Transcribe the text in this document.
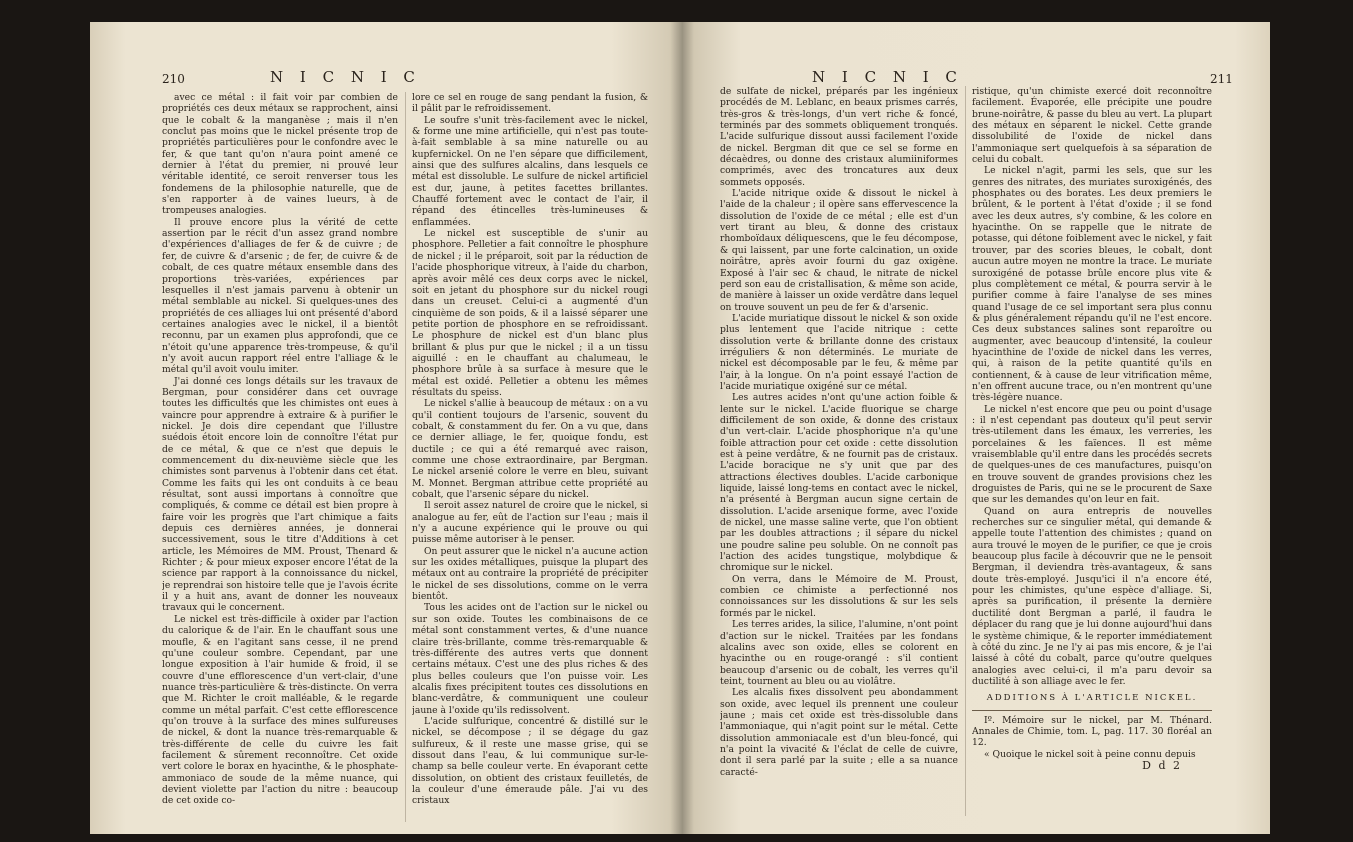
210	N I C N I C

avec ce métal : il fait voir par combien de propriétés ces deux métaux se rapprochent, ainsi que le cobalt & la manganèse ; mais il n'en conclut pas moins que le nickel présente trop de propriétés particulières pour le confondre avec le fer, & que tant qu'on n'aura point amené ce dernier à l'état du premier, ni prouvé leur véritable identité, ce seroit renverser tous les fondemens de la philosophie naturelle, que de s'en rapporter à de vaines lueurs, à de trompeuses analogies.

Il prouve encore plus la vérité de cette assertion par le récit d'un assez grand nombre d'expériences d'alliages de fer & de cuivre ; de fer, de cuivre & d'arsenic ; de fer, de cuivre & de cobalt, de ces quatre métaux ensemble dans des proportions très-variées, expériences par lesquelles il n'est jamais parvenu à obtenir un métal semblable au nickel. Si quelques-unes des propriétés de ces alliages lui ont présenté d'abord certaines analogies avec le nickel, il a bientôt reconnu, par un examen plus approfondi, que ce n'étoit qu'une apparence très-trompeuse, & qu'il n'y avoit aucun rapport réel entre l'alliage & le métal qu'il avoit voulu imiter.

J'ai donné ces longs détails sur les travaux de Bergman, pour considérer dans cet ouvrage toutes les difficultés que les chimistes ont eues à vaincre pour apprendre à extraire & à purifier le nickel. Je dois dire cependant que l'illustre suédois étoit encore loin de connoître l'état pur de ce métal, & que ce n'est que depuis le commencement du dix-neuvième siècle que les chimistes sont parvenus à l'obtenir dans cet état. Comme les faits qui les ont conduits à ce beau résultat, sont aussi importans à connoître que compliqués, & comme ce détail est bien propre à faire voir les progrès que l'art chimique a faits depuis ces dernières années, je donnerai successivement, sous le titre d'Additions à cet article, les Mémoires de MM. Proust, Thenard & Richter ; & pour mieux exposer encore l'état de la science par rapport à la connoissance du nickel, je reprendrai son histoire telle que je l'avois écrite il y a huit ans, avant de donner les nouveaux travaux qui le concernent.

Le nickel est très-difficile à oxider par l'action du calorique & de l'air. En le chauffant sous une moufle, & en l'agitant sans cesse, il ne prend qu'une couleur sombre. Cependant, par une longue exposition à l'air humide & froid, il se couvre d'une efflorescence d'un vert-clair, d'une nuance très-particulière & très-distincte. On verra que M. Richter le croit malléable, & le regarde comme un métal parfait. C'est cette efflorescence qu'on trouve à la surface des mines sulfureuses de nickel, & dont la nuance très-remarquable & très-différente de celle du cuivre les fait facilement & sûrement reconnoître. Cet oxide vert colore le borax en hyacinthe, & le phosphate-ammoniaco de soude de la même nuance, qui devient violette par l'action du nitre : beaucoup de cet oxide co-

lore ce sel en rouge de sang pendant la fusion, & il pâlit par le refroidissement.

Le soufre s'unit très-facilement avec le nickel, & forme une mine artificielle, qui n'est pas toute-à-fait semblable à sa mine naturelle ou au kupfernickel. On ne l'en sépare que difficilement, ainsi que des sulfures alcalins, dans lesquels ce métal est dissoluble. Le sulfure de nickel artificiel est dur, jaune, à petites facettes brillantes. Chauffé fortement avec le contact de l'air, il répand des étincelles très-lumineuses & enflammées.

Le nickel est susceptible de s'unir au phosphore. Pelletier a fait connoître le phosphure de nickel ; il le préparoit, soit par la réduction de l'acide phosphorique vitreux, à l'aide du charbon, après avoir mêlé ces deux corps avec le nickel, soit en jetant du phosphore sur du nickel rougi dans un creuset. Celui-ci a augmenté d'un cinquième de son poids, & il a laissé séparer une petite portion de phosphore en se refroidissant. Le phosphure de nickel est d'un blanc plus brillant & plus pur que le nickel ; il a un tissu aiguillé : en le chauffant au chalumeau, le phosphore brûle à sa surface à mesure que le métal est oxidé. Pelletier a obtenu les mêmes résultats du speiss.

Le nickel s'allie à beaucoup de métaux : on a vu qu'il contient toujours de l'arsenic, souvent du cobalt, & constamment du fer. On a vu que, dans ce dernier alliage, le fer, quoique fondu, est ductile ; ce qui a été remarqué avec raison, comme une chose extraordinaire, par Bergman. Le nickel arsenié colore le verre en bleu, suivant M. Monnet. Bergman attribue cette propriété au cobalt, que l'arsenic sépare du nickel.

Il seroit assez naturel de croire que le nickel, si analogue au fer, eût de l'action sur l'eau ; mais il n'y a aucune expérience qui le prouve ou qui puisse même autoriser à le penser.

On peut assurer que le nickel n'a aucune action sur les oxides métalliques, puisque la plupart des métaux ont au contraire la propriété de précipiter le nickel de ses dissolutions, comme on le verra bientôt.

Tous les acides ont de l'action sur le nickel ou sur son oxide. Toutes les combinaisons de ce métal sont constamment vertes, & d'une nuance claire très-brillante, comme très-remarquable & très-différente des autres verts que donnent certains métaux. C'est une des plus riches & des plus belles couleurs que l'on puisse voir. Les alcalis fixes précipitent toutes ces dissolutions en blanc-verdâtre, & communiquent une couleur jaune à l'oxide qu'ils redissolvent.

L'acide sulfurique, concentré & distillé sur le nickel, se décompose ; il se dégage du gaz sulfureux, & il reste une masse grise, qui se dissout dans l'eau, & lui communique sur-le-champ sa belle couleur verte. En évaporant cette dissolution, on obtient des cristaux feuilletés, de la couleur d'une émeraude pâle. J'ai vu des cristaux

N I C N I C	211

de sulfate de nickel, préparés par les ingénieux procédés de M. Leblanc, en beaux prismes carrés, très-gros & très-longs, d'un vert riche & foncé, terminés par des sommets obliquement tronqués. L'acide sulfurique dissout aussi facilement l'oxide de nickel. Bergman dit que ce sel se forme en décaèdres, ou donne des cristaux alumiiniformes comprimés, avec des troncatures aux deux sommets opposés.

L'acide nitrique oxide & dissout le nickel à l'aide de la chaleur ; il opère sans effervescence la dissolution de l'oxide de ce métal ; elle est d'un vert tirant au bleu, & donne des cristaux rhomboïdaux déliquescens, que le feu décompose, & qui laissent, par une forte calcination, un oxide noirâtre, après avoir fourni du gaz oxigène. Exposé à l'air sec & chaud, le nitrate de nickel perd son eau de cristallisation, & même son acide, de manière à laisser un oxide verdâtre dans lequel on trouve souvent un peu de fer & d'arsenic.

L'acide muriatique dissout le nickel & son oxide plus lentement que l'acide nitrique : cette dissolution verte & brillante donne des cristaux irréguliers & non déterminés. Le muriate de nickel est décomposable par le feu, & même par l'air, à la longue. On n'a point essayé l'action de l'acide muriatique oxigéné sur ce métal.

Les autres acides n'ont qu'une action foible & lente sur le nickel. L'acide fluorique se charge difficilement de son oxide, & donne des cristaux d'un vert-clair. L'acide phosphorique n'a qu'une foible attraction pour cet oxide : cette dissolution est à peine verdâtre, & ne fournit pas de cristaux. L'acide boracique ne s'y unit que par des attractions électives doubles. L'acide carbonique liquide, laissé long-tems en contact avec le nickel, n'a présenté à Bergman aucun signe certain de dissolution. L'acide arsenique forme, avec l'oxide de nickel, une masse saline verte, que l'on obtient par les doubles attractions ; il sépare du nickel une poudre saline peu soluble. On ne connoît pas l'action des acides tungstique, molybdique & chromique sur le nickel.

On verra, dans le Mémoire de M. Proust, combien ce chimiste a perfectionné nos connoissances sur les dissolutions & sur les sels formés par le nickel.

Les terres arides, la silice, l'alumine, n'ont point d'action sur le nickel. Traitées par les fondans alcalins avec son oxide, elles se colorent en hyacinthe ou en rouge-orangé : s'il contient beaucoup d'arsenic ou de cobalt, les verres qu'il teint, tournent au bleu ou au violâtre.

Les alcalis fixes dissolvent peu abondamment son oxide, avec lequel ils prennent une couleur jaune ; mais cet oxide est très-dissoluble dans l'ammoniaque, qui n'agit point sur le métal. Cette dissolution ammoniacale est d'un bleu-foncé, qui n'a point la vivacité & l'éclat de celle de cuivre, dont il sera parlé par la suite ; elle a sa nuance caracté-

ristique, qu'un chimiste exercé doit reconnoître facilement. Évaporée, elle précipite une poudre brune-noirâtre, & passe du bleu au vert. La plupart des métaux en séparent le nickel. Cette grande dissolubilité de l'oxide de nickel dans l'ammoniaque sert quelquefois à sa séparation de celui du cobalt.

Le nickel n'agit, parmi les sels, que sur les genres des nitrates, des muriates suroxigénés, des phosphates ou des borates. Les deux premiers le brûlent, & le portent à l'état d'oxide ; il se fond avec les deux autres, s'y combine, & les colore en hyacinthe. On se rappelle que le nitrate de potasse, qui détone foiblement avec le nickel, y fait trouver, par des scories bleues, le cobalt, dont aucun autre moyen ne montre la trace. Le muriate suroxigéné de potasse brûle encore plus vite & plus complètement ce métal, & pourra servir à le purifier comme à faire l'analyse de ses mines quand l'usage de ce sel important sera plus connu & plus généralement répandu qu'il ne l'est encore. Ces deux substances salines sont reparoître ou augmenter, avec beaucoup d'intensité, la couleur hyacinthine de l'oxide de nickel dans les verres, qui, à raison de la petite quantité qu'ils en contiennent, & à cause de leur vitrification même, n'en offrent aucune trace, ou n'en montrent qu'une très-légère nuance.

Le nickel n'est encore que peu ou point d'usage : il n'est cependant pas douteux qu'il peut servir très-utilement dans les émaux, les verreries, les porcelaines & les faïences. Il est même vraisemblable qu'il entre dans les procédés secrets de quelques-unes de ces manufactures, puisqu'on en trouve souvent de grandes provisions chez les droguistes de Paris, qui ne se le procurent de Saxe que sur les demandes qu'on leur en fait.

Quand on aura entrepris de nouvelles recherches sur ce singulier métal, qui demande & appelle toute l'attention des chimistes ; quand on aura trouvé le moyen de le purifier, ce que je crois beaucoup plus facile à découvrir que ne le pensoit Bergman, il deviendra très-avantageux, & sans doute très-employé. Jusqu'ici il n'a encore été, pour les chimistes, qu'une espèce d'alliage. Si, après sa purification, il présente la dernière ductilité dont Bergman a parlé, il faudra le déplacer du rang que je lui donne aujourd'hui dans le système chimique, & le reporter immédiatement à côté du zinc. Je ne l'y ai pas mis encore, & je l'ai laissé à côté du cobalt, parce qu'outre quelques analogies avec celui-ci, il m'a paru devoir sa ductilité à son alliage avec le fer.

ADDITIONS À L'ARTICLE NICKEL.

Iº. Mémoire sur le nickel, par M. Thénard. Annales de Chimie, tom. L, pag. 117. 30 floréal an 12.

« Quoique le nickel soit à peine connu depuis

D d 2
